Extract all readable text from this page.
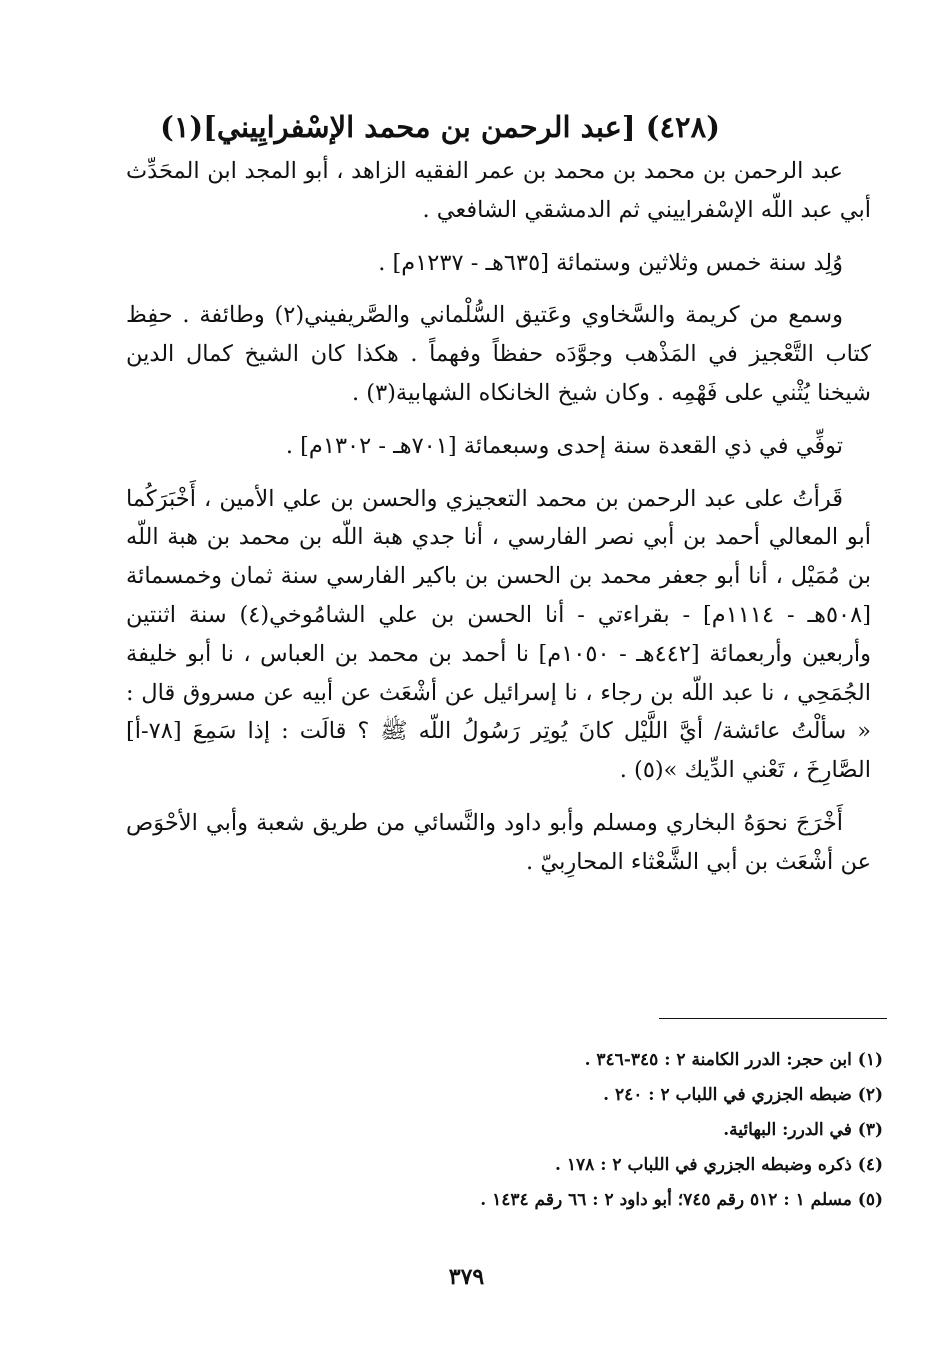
(٤٢٨) [عبد الرحمن بن محمد الإسْفرايِيني](١)

عبد الرحمن بن محمد بن محمد بن عمر الفقيه الزاهد ، أبو المجد ابن المحَدِّث أبي عبد اللّه الإسْفراييني ثم الدمشقي الشافعي .

وُلِد سنة خمس وثلاثين وستمائة [٦٣٥هـ - ١٢٣٧م] .

وسمع من كريمة والسَّخاوي وعَتيق السُّلْماني والصَّريفيني(٢) وطائفة . حفِظ كتاب التَّعْجيز في المَذْهب وجوَّدَه حفظاً وفهماً . هكذا كان الشيخ كمال الدين شيخنا يُثْني على فَهْمِه . وكان شيخ الخانكاه الشهابية(٣) .

توفِّي في ذي القعدة سنة إحدى وسبعمائة [٧٠١هـ - ١٣٠٢م] .

قَرأتُ على عبد الرحمن بن محمد التعجيزي والحسن بن علي الأمين ، أَخْبَرَكُما أبو المعالي أحمد بن أبي نصر الفارسي ، أنا جدي هبة اللّه بن محمد بن هبة اللّه بن مُمَيْل ، أنا أبو جعفر محمد بن الحسن بن باكير الفارسي سنة ثمان وخمسمائة [٥٠٨هـ - ١١١٤م] - بقراءتي - أنا الحسن بن علي الشامُوخي(٤) سنة اثنتين وأربعين وأربعمائة [٤٤٢هـ - ١٠٥٠م] نا أحمد بن محمد بن العباس ، نا أبو خليفة الجُمَحِي ، نا عبد اللّه بن رجاء ، نا إسرائيل عن أشْعَث عن أبيه عن مسروق قال : « سألْتُ عائشة/ أيَّ اللَّيْل كانَ يُوتِر رَسُولُ اللّه ﷺ ؟ قالَت : إذا سَمِعَ [٧٨-أ] الصَّارِخَ ، تَعْني الدِّيك »(٥) .

أَخْرَجَ نحوَهُ البخاري ومسلم وأبو داود والنَّسائي من طريق شعبة وأبي الأحْوَص عن أشْعَث بن أبي الشَّعْثاء المحارِبيّ .

(١) ابن حجر: الدرر الكامنة ٢ : ٣٤٥-٣٤٦ .

(٢) ضبطه الجزري في اللباب ٢ : ٢٤٠ .

(٣) في الدرر: البهائية.

(٤) ذكره وضبطه الجزري في اللباب ٢ : ١٧٨ .

(٥) مسلم ١ : ٥١٢ رقم ٧٤٥؛ أبو داود ٢ : ٦٦ رقم ١٤٣٤ .

٣٧٩
